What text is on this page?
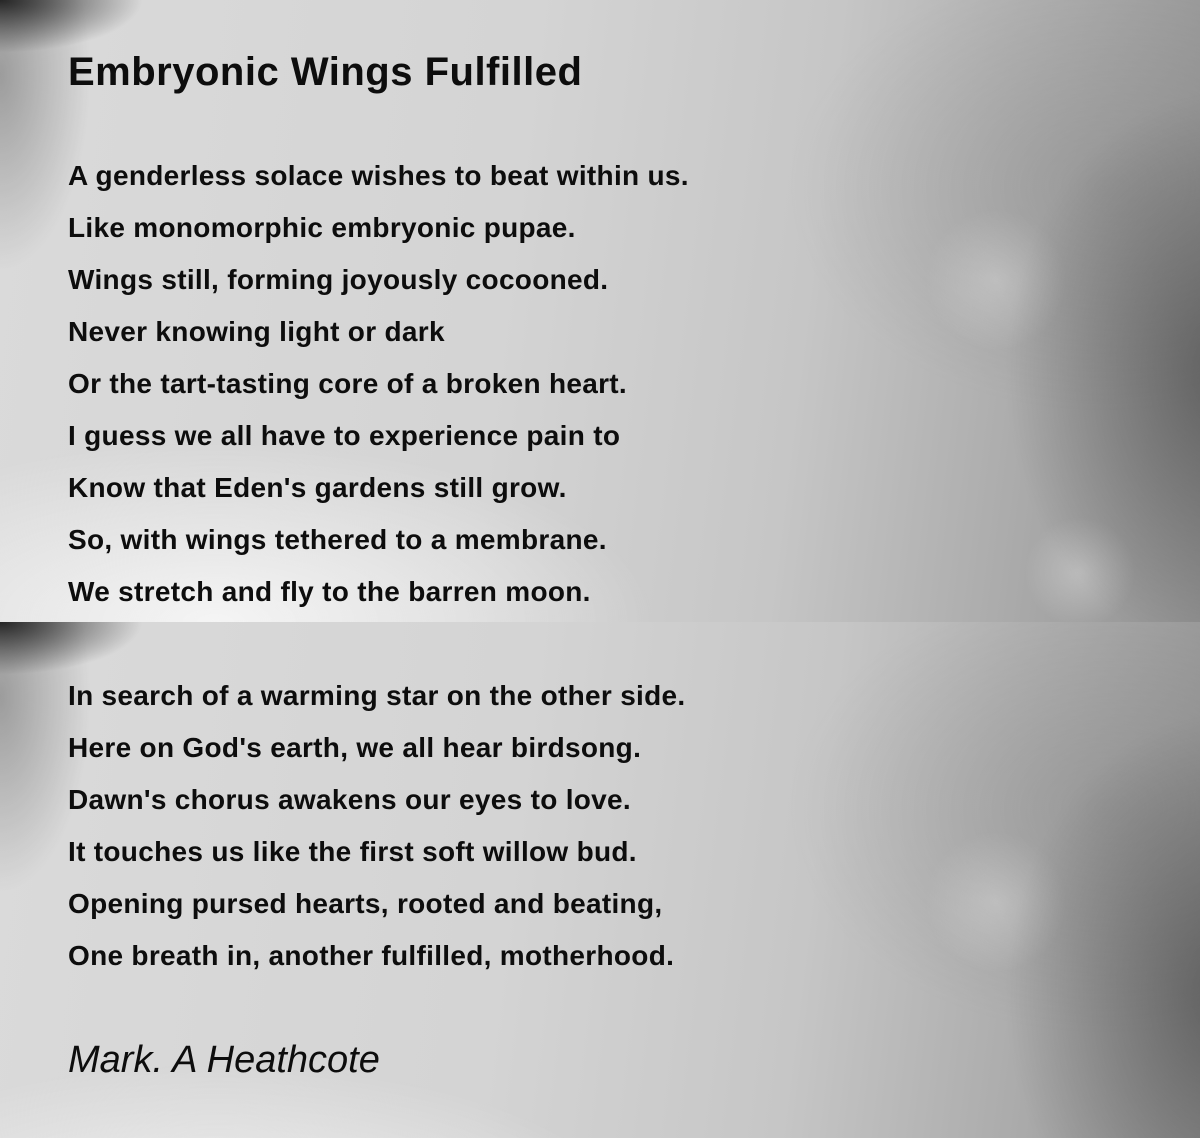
Embryonic Wings Fulfilled
A genderless solace wishes to beat within us.
Like monomorphic embryonic pupae.
Wings still, forming joyously cocooned.
Never knowing light or dark
Or the tart-tasting core of a broken heart.
I guess we all have to experience pain to
Know that Eden's gardens still grow.
So, with wings tethered to a membrane.
We stretch and fly to the barren moon.
In search of a warming star on the other side.
Here on God's earth, we all hear birdsong.
Dawn's chorus awakens our eyes to love.
It touches us like the first soft willow bud.
Opening pursed hearts, rooted and beating,
One breath in, another fulfilled, motherhood.
Mark. A Heathcote
